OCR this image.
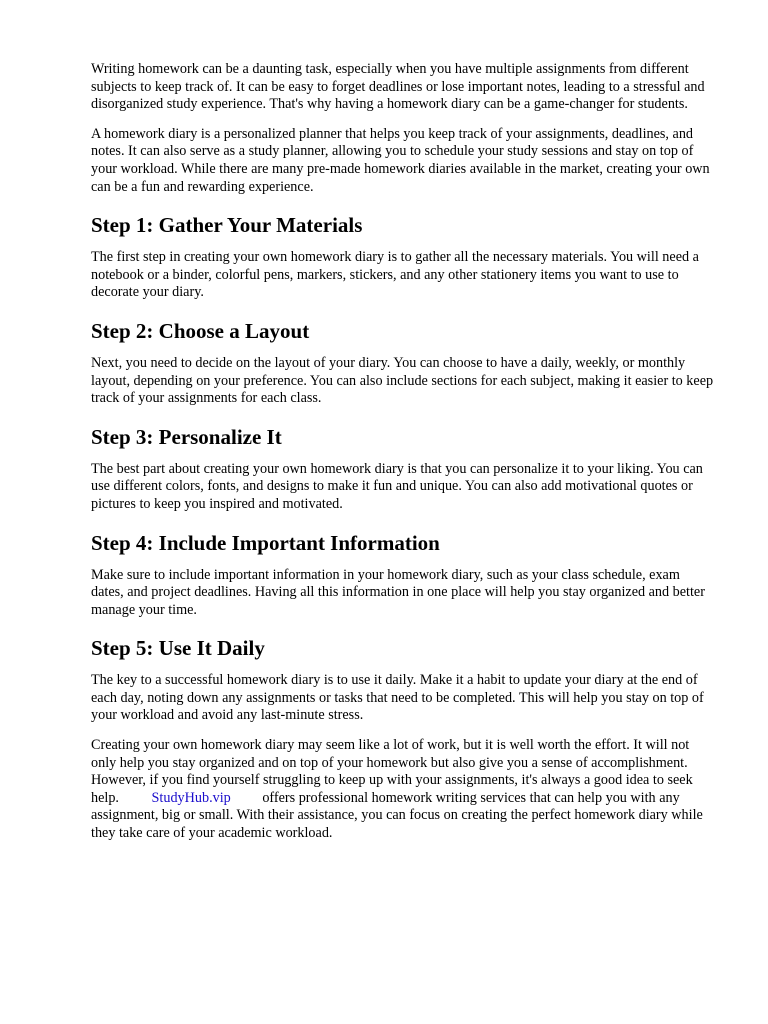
Writing homework can be a daunting task, especially when you have multiple assignments from different subjects to keep track of. It can be easy to forget deadlines or lose important notes, leading to a stressful and disorganized study experience. That's why having a homework diary can be a game-changer for students.

A homework diary is a personalized planner that helps you keep track of your assignments, deadlines, and notes. It can also serve as a study planner, allowing you to schedule your study sessions and stay on top of your workload. While there are many pre-made homework diaries available in the market, creating your own can be a fun and rewarding experience.

Step 1: Gather Your Materials

The first step in creating your own homework diary is to gather all the necessary materials. You will need a notebook or a binder, colorful pens, markers, stickers, and any other stationery items you want to use to decorate your diary.

Step 2: Choose a Layout

Next, you need to decide on the layout of your diary. You can choose to have a daily, weekly, or monthly layout, depending on your preference. You can also include sections for each subject, making it easier to keep track of your assignments for each class.

Step 3: Personalize It

The best part about creating your own homework diary is that you can personalize it to your liking. You can use different colors, fonts, and designs to make it fun and unique. You can also add motivational quotes or pictures to keep you inspired and motivated.

Step 4: Include Important Information

Make sure to include important information in your homework diary, such as your class schedule, exam dates, and project deadlines. Having all this information in one place will help you stay organized and better manage your time.

Step 5: Use It Daily

The key to a successful homework diary is to use it daily. Make it a habit to update your diary at the end of each day, noting down any assignments or tasks that need to be completed. This will help you stay on top of your workload and avoid any last-minute stress.

Creating your own homework diary may seem like a lot of work, but it is well worth the effort. It will not only help you stay organized and on top of your homework but also give you a sense of accomplishment. However, if you find yourself struggling to keep up with your assignments, it's always a good idea to seek help. StudyHub.vip offers professional homework writing services that can help you with any assignment, big or small. With their assistance, you can focus on creating the perfect homework diary while they take care of your academic workload.
